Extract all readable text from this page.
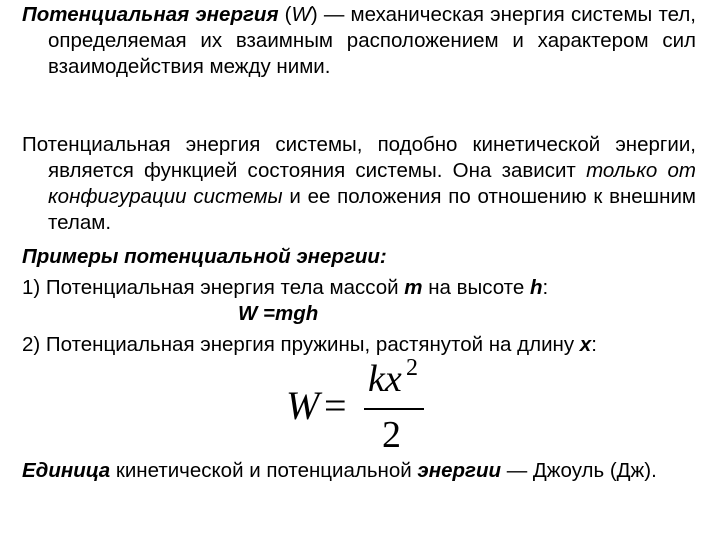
Потенциальная энергия (W) — механическая энергия системы тел, определяемая их взаимным расположением и характером сил взаимодействия между ними.

Потенциальная энергия системы, подобно кинетической энергии, является функцией состояния системы. Она зависит только от конфигурации системы и ее положения по отношению к внешним телам.

Примеры потенциальной энергии:

1) Потенциальная энергия тела массой m на высоте h:

W =mgh

2) Потенциальная энергия пружины, растянутой на длину x:

W =
kx 2
2

Единица кинетической и потенциальной энергии — Джоуль (Дж).
